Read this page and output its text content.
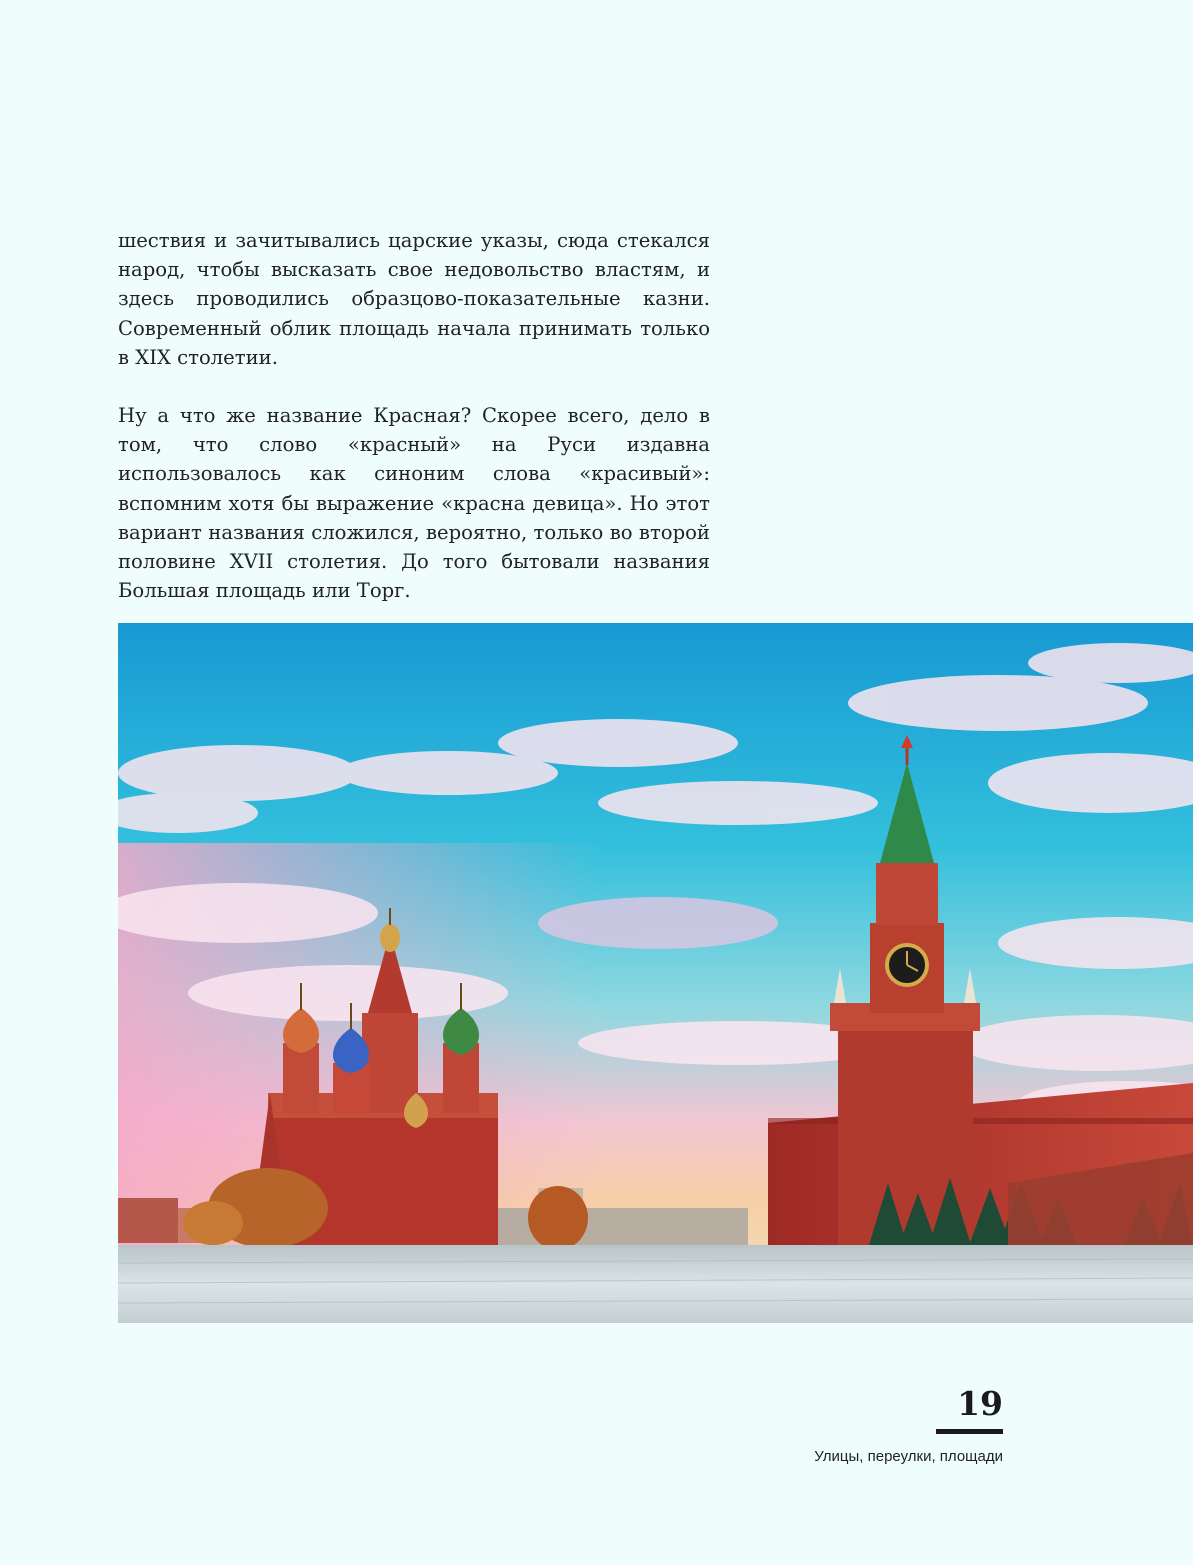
шествия и зачитывались царские указы, сюда стекался народ, чтобы высказать свое недовольство властям, и здесь проводились образцово-показательные казни. Современный облик площадь начала принимать только в XIX столетии.

Ну а что же название Красная? Скорее всего, дело в том, что слово «красный» на Руси издавна использовалось как синоним слова «красивый»: вспомним хотя бы выражение «красна девица». Но этот вариант названия сложился, вероятно, только во второй половине XVII столетия. До того бытовали названия Большая площадь или Торг.

19
Улицы, переулки, площади
